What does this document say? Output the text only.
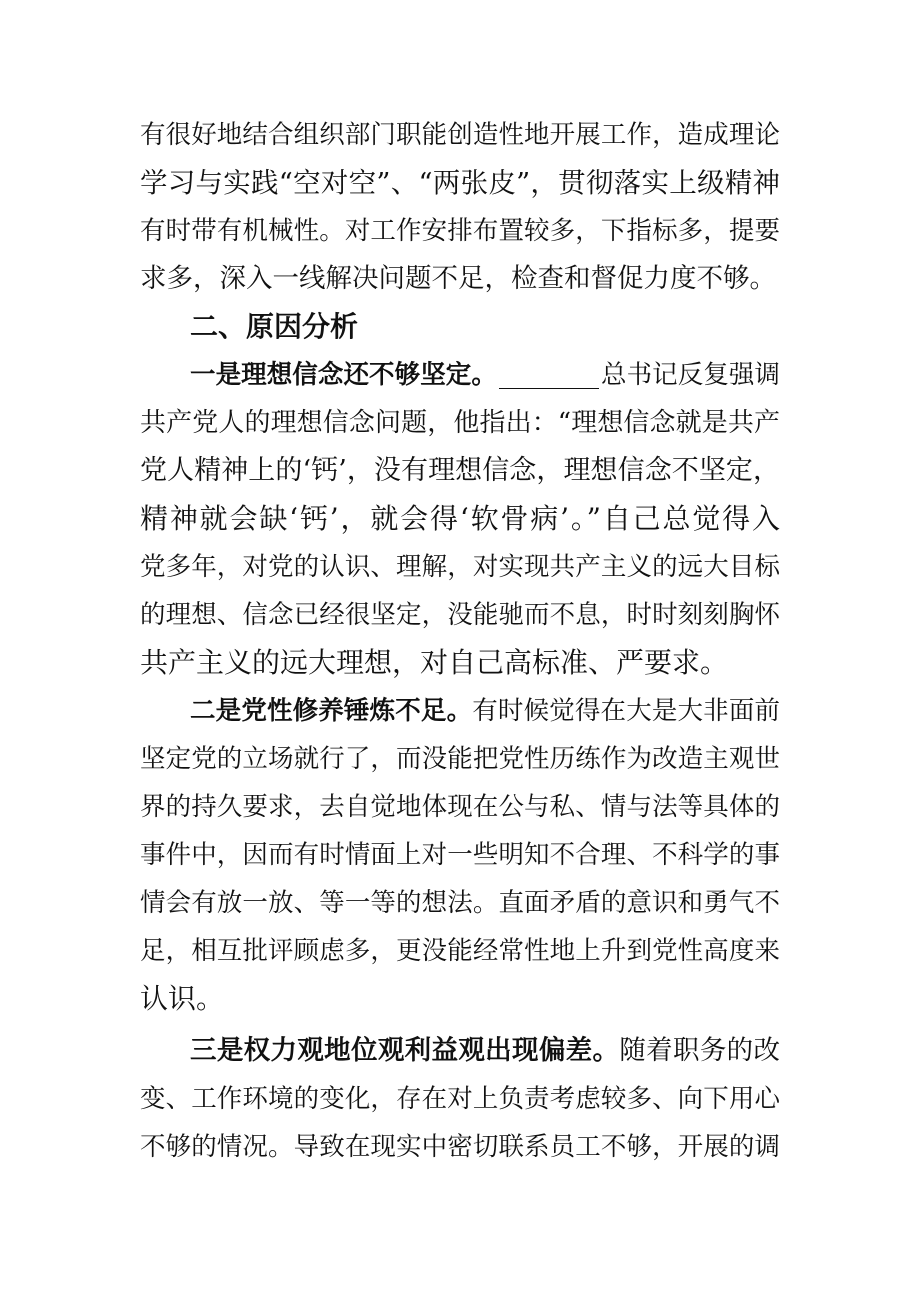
有很好地结合组织部门职能创造性地开展工作，造成理论

学习与实践“空对空”、“两张皮”，贯彻落实上级精神

有时带有机械性。对工作安排布置较多，下指标多，提要

求多，深入一线解决问题不足，检查和督促力度不够。

二、原因分析

一是理想信念还不够坚定。	总书记反复强调

共产党人的理想信念问题，他指出：“理想信念就是共产

党人精神上的‘钙’，没有理想信念，理想信念不坚定，

精神就会缺‘钙’，就会得‘软骨病’。”自己总觉得入

党多年，对党的认识、理解，对实现共产主义的远大目标

的理想、信念已经很坚定，没能驰而不息，时时刻刻胸怀

共产主义的远大理想，对自己高标准、严要求。

二是党性修养锤炼不足。有时候觉得在大是大非面前

坚定党的立场就行了，而没能把党性历练作为改造主观世

界的持久要求，去自觉地体现在公与私、情与法等具体的

事件中，因而有时情面上对一些明知不合理、不科学的事

情会有放一放、等一等的想法。直面矛盾的意识和勇气不

足，相互批评顾虑多，更没能经常性地上升到党性高度来

认识。

三是权力观地位观利益观出现偏差。随着职务的改

变、工作环境的变化，存在对上负责考虑较多、向下用心

不够的情况。导致在现实中密切联系员工不够，开展的调
